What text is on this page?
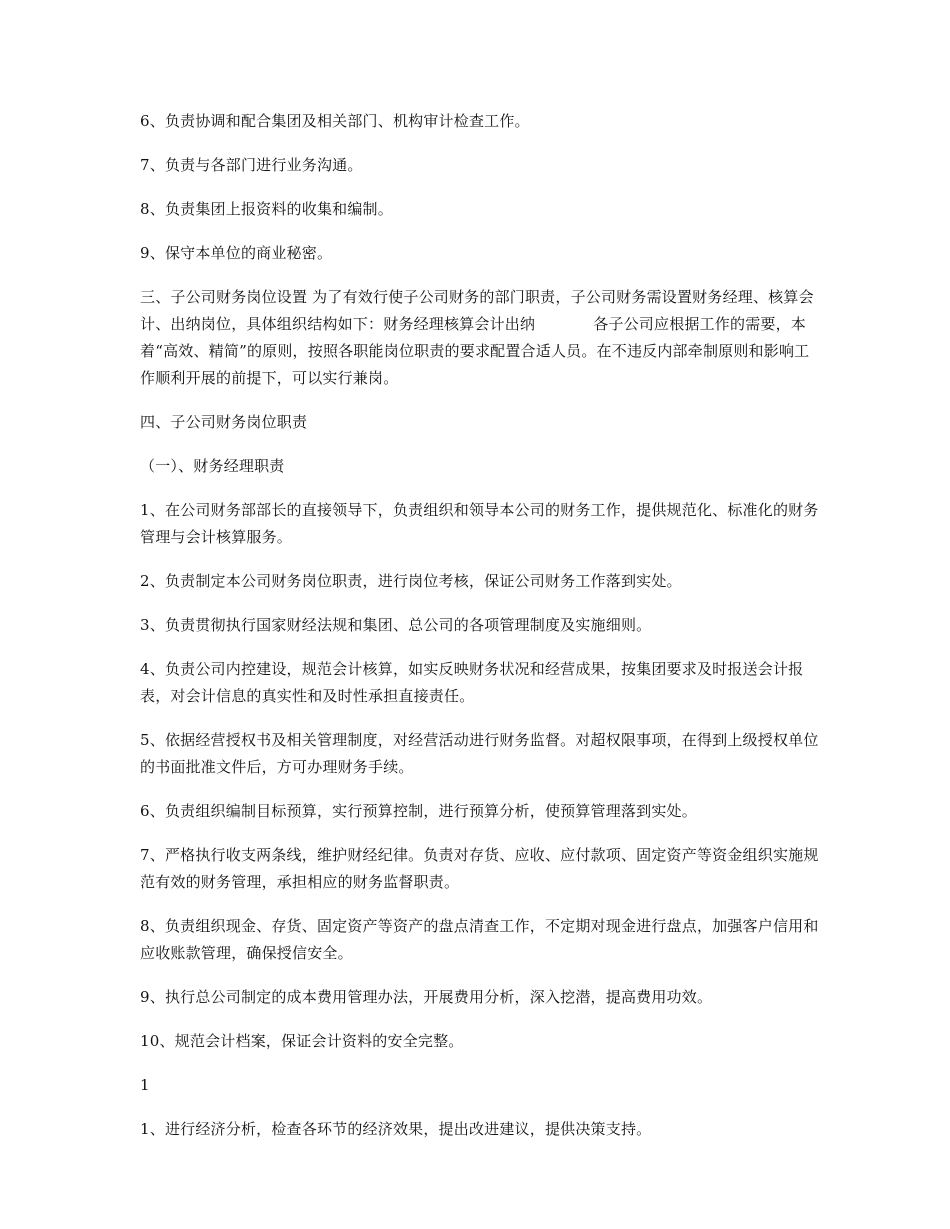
6、负责协调和配合集团及相关部门、机构审计检查工作。

7、负责与各部门进行业务沟通。

8、负责集团上报资料的收集和编制。

9、保守本单位的商业秘密。

三、子公司财务岗位设置 为了有效行使子公司财务的部门职责，子公司财务需设置财务经理、核算会计、出纳岗位，具体组织结构如下：财务经理核算会计出纳	各子公司应根据工作的需要，本着“高效、精简”的原则，按照各职能岗位职责的要求配置合适人员。在不违反内部牵制原则和影响工作顺利开展的前提下，可以实行兼岗。

四、子公司财务岗位职责

（一）、财务经理职责

1、在公司财务部部长的直接领导下，负责组织和领导本公司的财务工作，提供规范化、标准化的财务管理与会计核算服务。

2、负责制定本公司财务岗位职责，进行岗位考核，保证公司财务工作落到实处。

3、负责贯彻执行国家财经法规和集团、总公司的各项管理制度及实施细则。

4、负责公司内控建设，规范会计核算，如实反映财务状况和经营成果，按集团要求及时报送会计报表，对会计信息的真实性和及时性承担直接责任。

5、依据经营授权书及相关管理制度，对经营活动进行财务监督。对超权限事项，在得到上级授权单位的书面批准文件后，方可办理财务手续。

6、负责组织编制目标预算，实行预算控制，进行预算分析，使预算管理落到实处。

7、严格执行收支两条线，维护财经纪律。负责对存货、应收、应付款项、固定资产等资金组织实施规范有效的财务管理，承担相应的财务监督职责。

8、负责组织现金、存货、固定资产等资产的盘点清查工作，不定期对现金进行盘点，加强客户信用和应收账款管理，确保授信安全。

9、执行总公司制定的成本费用管理办法，开展费用分析，深入挖潜，提高费用功效。

10、规范会计档案，保证会计资料的安全完整。

1

1、进行经济分析，检查各环节的经济效果，提出改进建议，提供决策支持。
